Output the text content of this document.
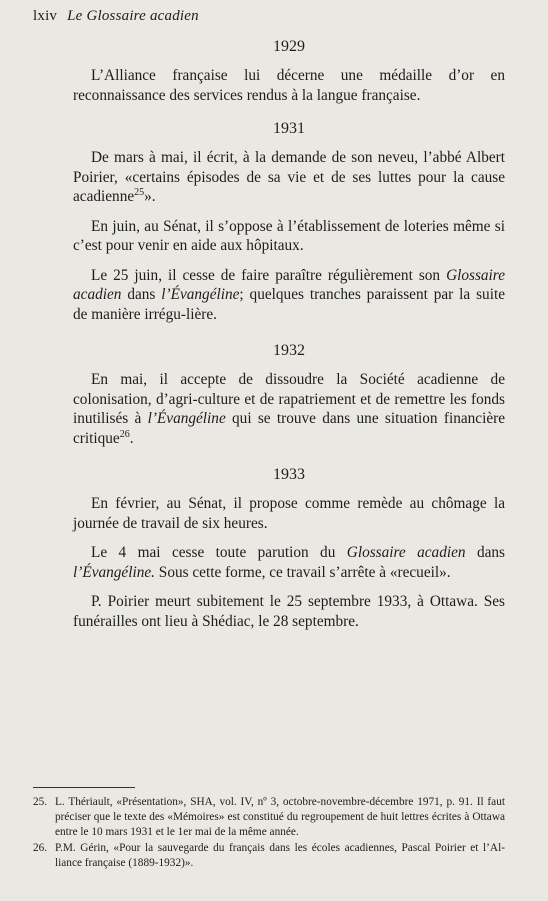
lxiv Le Glossaire acadien
1929

L’Alliance française lui décerne une médaille d’or en reconnaissance des services rendus à la langue française.

1931

De mars à mai, il écrit, à la demande de son neveu, l’abbé Albert Poirier, «certains épisodes de sa vie et de ses luttes pour la cause acadienne$^{25}$».

En juin, au Sénat, il s’oppose à l’établissement de loteries même si c’est pour venir en aide aux hôpitaux.

Le 25 juin, il cesse de faire paraître régulièrement son Glossaire acadien dans l’Évangéline; quelques tranches paraissent par la suite de manière irrégu-lière.

1932

En mai, il accepte de dissoudre la Société acadienne de colonisation, d’agri-culture et de rapatriement et de remettre les fonds inutilisés à l’Évangéline qui se trouve dans une situation financière critique$^{26}$.

1933

En février, au Sénat, il propose comme remède au chômage la journée de travail de six heures.

Le 4 mai cesse toute parution du Glossaire acadien dans l’Évangéline. Sous cette forme, ce travail s’arrête à «recueil».

P. Poirier meurt subitement le 25 septembre 1933, à Ottawa. Ses funérailles ont lieu à Shédiac, le 28 septembre.

25. L. Thériault, «Présentation», SHA, vol. IV, nº 3, octobre-novembre-décembre 1971, p. 91. Il faut préciser que le texte des «Mémoires» est constitué du regroupement de huit lettres écrites à Ottawa entre le 10 mars 1931 et le 1er mai de la même année.
26. P.M. Gérin, «Pour la sauvegarde du français dans les écoles acadiennes, Pascal Poirier et l’Al-liance française (1889-1932)».
